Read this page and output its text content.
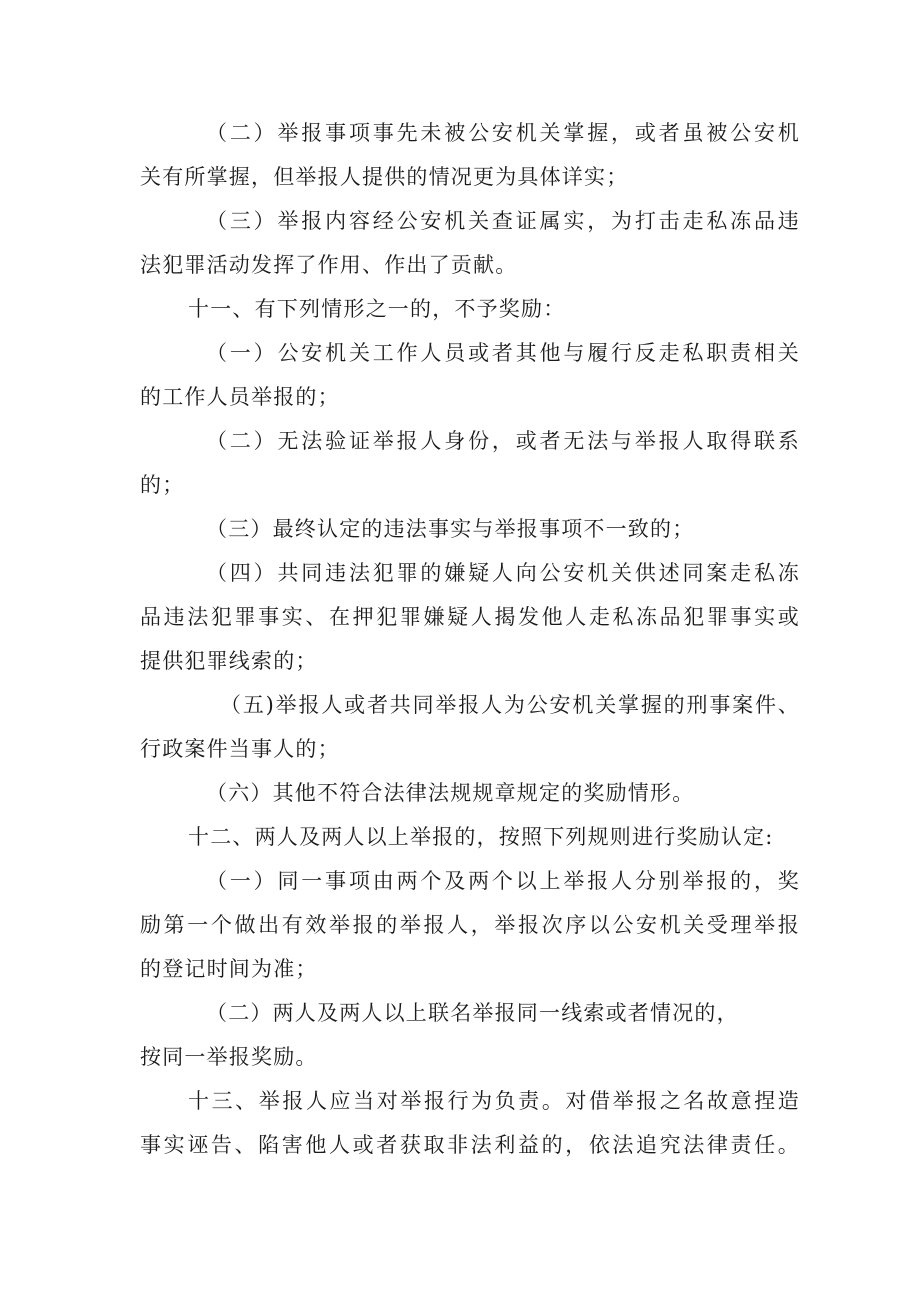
（二）举报事项事先未被公安机关掌握，或者虽被公安机
关有所掌握，但举报人提供的情况更为具体详实；
（三）举报内容经公安机关查证属实，为打击走私冻品违
法犯罪活动发挥了作用、作出了贡献。
十一、有下列情形之一的，不予奖励：
（一）公安机关工作人员或者其他与履行反走私职责相关
的工作人员举报的；
（二）无法验证举报人身份，或者无法与举报人取得联系
的；
（三）最终认定的违法事实与举报事项不一致的；
（四）共同违法犯罪的嫌疑人向公安机关供述同案走私冻
品违法犯罪事实、在押犯罪嫌疑人揭发他人走私冻品犯罪事实或
提供犯罪线索的；
（五)举报人或者共同举报人为公安机关掌握的刑事案件、
行政案件当事人的；
（六）其他不符合法律法规规章规定的奖励情形。
十二、两人及两人以上举报的，按照下列规则进行奖励认定:
（一）同一事项由两个及两个以上举报人分别举报的，奖
励第一个做出有效举报的举报人，举报次序以公安机关受理举报
的登记时间为准；
（二）两人及两人以上联名举报同一线索或者情况的，
按同一举报奖励。
十三、举报人应当对举报行为负责。对借举报之名故意捏造
事实诬告、陷害他人或者获取非法利益的，依法追究法律责任。
